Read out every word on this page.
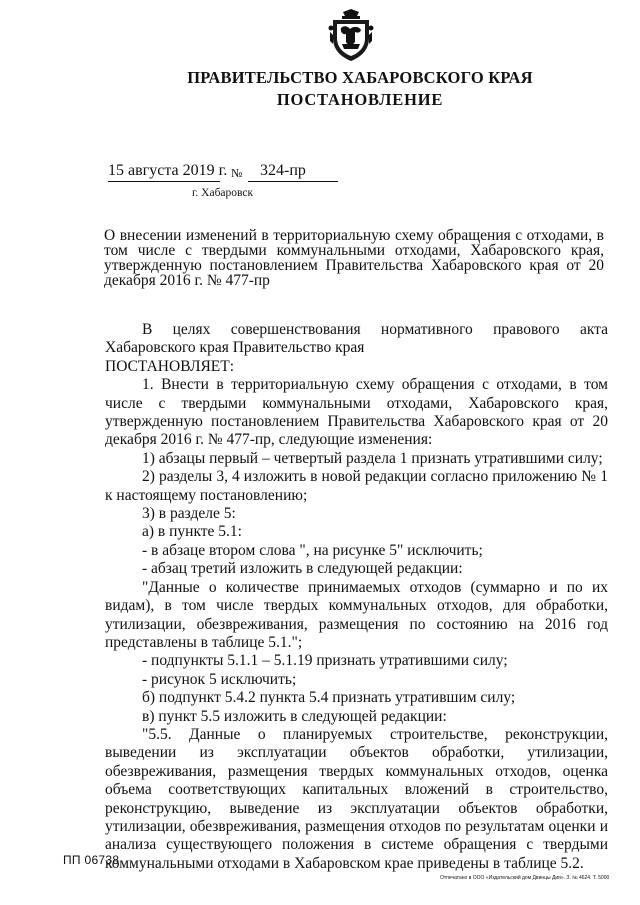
ПРАВИТЕЛЬСТВО ХАБАРОВСКОГО КРАЯ
ПОСТАНОВЛЕНИЕ
15 августа 2019 г. № 324-пр
г. Хабаровск
О внесении изменений в территориальную схему обращения с отходами, в том числе с твердыми коммунальными отходами, Хабаровского края, утвержденную постановлением Правительства Хабаровского края от 20 декабря 2016 г. № 477-пр

В целях совершенствования нормативного правового акта Хабаровского края Правительство края

ПОСТАНОВЛЯЕТ:

1. Внести в территориальную схему обращения с отходами, в том числе с твердыми коммунальными отходами, Хабаровского края, утвержденную постановлением Правительства Хабаровского края от 20 декабря 2016 г. № 477-пр, следующие изменения:

1) абзацы первый – четвертый раздела 1 признать утратившими силу;

2) разделы 3, 4 изложить в новой редакции согласно приложению № 1 к настоящему постановлению;

3) в разделе 5:

а) в пункте 5.1:

- в абзаце втором слова ", на рисунке 5" исключить;

- абзац третий изложить в следующей редакции:

"Данные о количестве принимаемых отходов (суммарно и по их видам), в том числе твердых коммунальных отходов, для обработки, утилизации, обезвреживания, размещения по состоянию на 2016 год представлены в таблице 5.1.";

- подпункты 5.1.1 – 5.1.19 признать утратившими силу;

- рисунок 5 исключить;

б) подпункт 5.4.2 пункта 5.4 признать утратившим силу;

в) пункт 5.5 изложить в следующей редакции:

"5.5. Данные о планируемых строительстве, реконструкции, выведении из эксплуатации объектов обработки, утилизации, обезвреживания, размещения твердых коммунальных отходов, оценка объема соответствующих капитальных вложений в строительство, реконструкцию, выведение из эксплуатации объектов обработки, утилизации, обезвреживания, размещения отходов по результатам оценки и анализа существующего положения в системе обращения с твердыми коммунальными отходами в Хабаровском крае приведены в таблице 5.2.

ПП 06738
Отпечатано в ООО «Издательский дом Двинцы Дия». З. № 4624. Т. 5000
